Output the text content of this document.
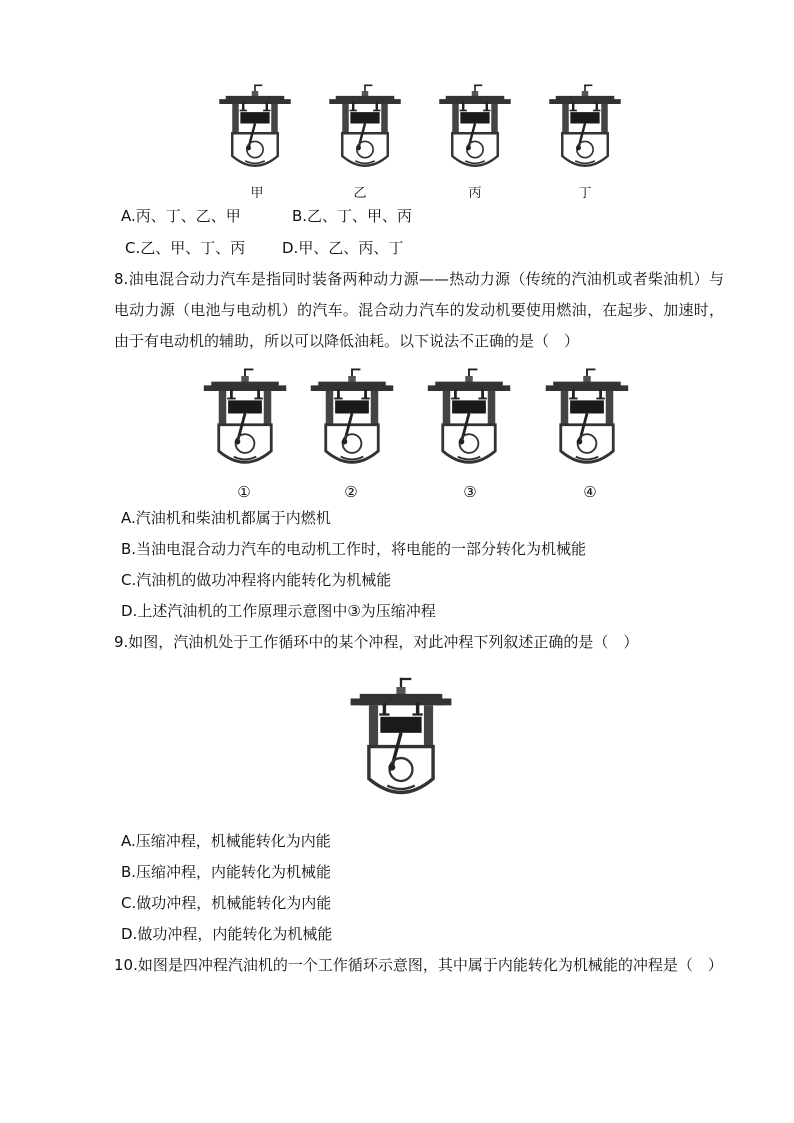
甲	乙	丙	丁
A.丙、丁、乙、甲	B.乙、丁、甲、丙
C.乙、甲、丁、丙 D.甲、乙、丙、丁
8.油电混合动力汽车是指同时装备两种动力源——热动力源（传统的汽油机或者柴油机）与电动力源（电池与电动机）的汽车。混合动力汽车的发动机要使用燃油，在起步、加速时，由于有电动机的辅助，所以可以降低油耗。以下说法不正确的是（　）
①	②	③	④
A.汽油机和柴油机都属于内燃机
B.当油电混合动力汽车的电动机工作时，将电能的一部分转化为机械能
C.汽油机的做功冲程将内能转化为机械能
D.上述汽油机的工作原理示意图中③为压缩冲程
9.如图，汽油机处于工作循环中的某个冲程，对此冲程下列叙述正确的是（　）
A.压缩冲程，机械能转化为内能
B.压缩冲程，内能转化为机械能
C.做功冲程，机械能转化为内能
D.做功冲程，内能转化为机械能
10.如图是四冲程汽油机的一个工作循环示意图，其中属于内能转化为机械能的冲程是（　）
